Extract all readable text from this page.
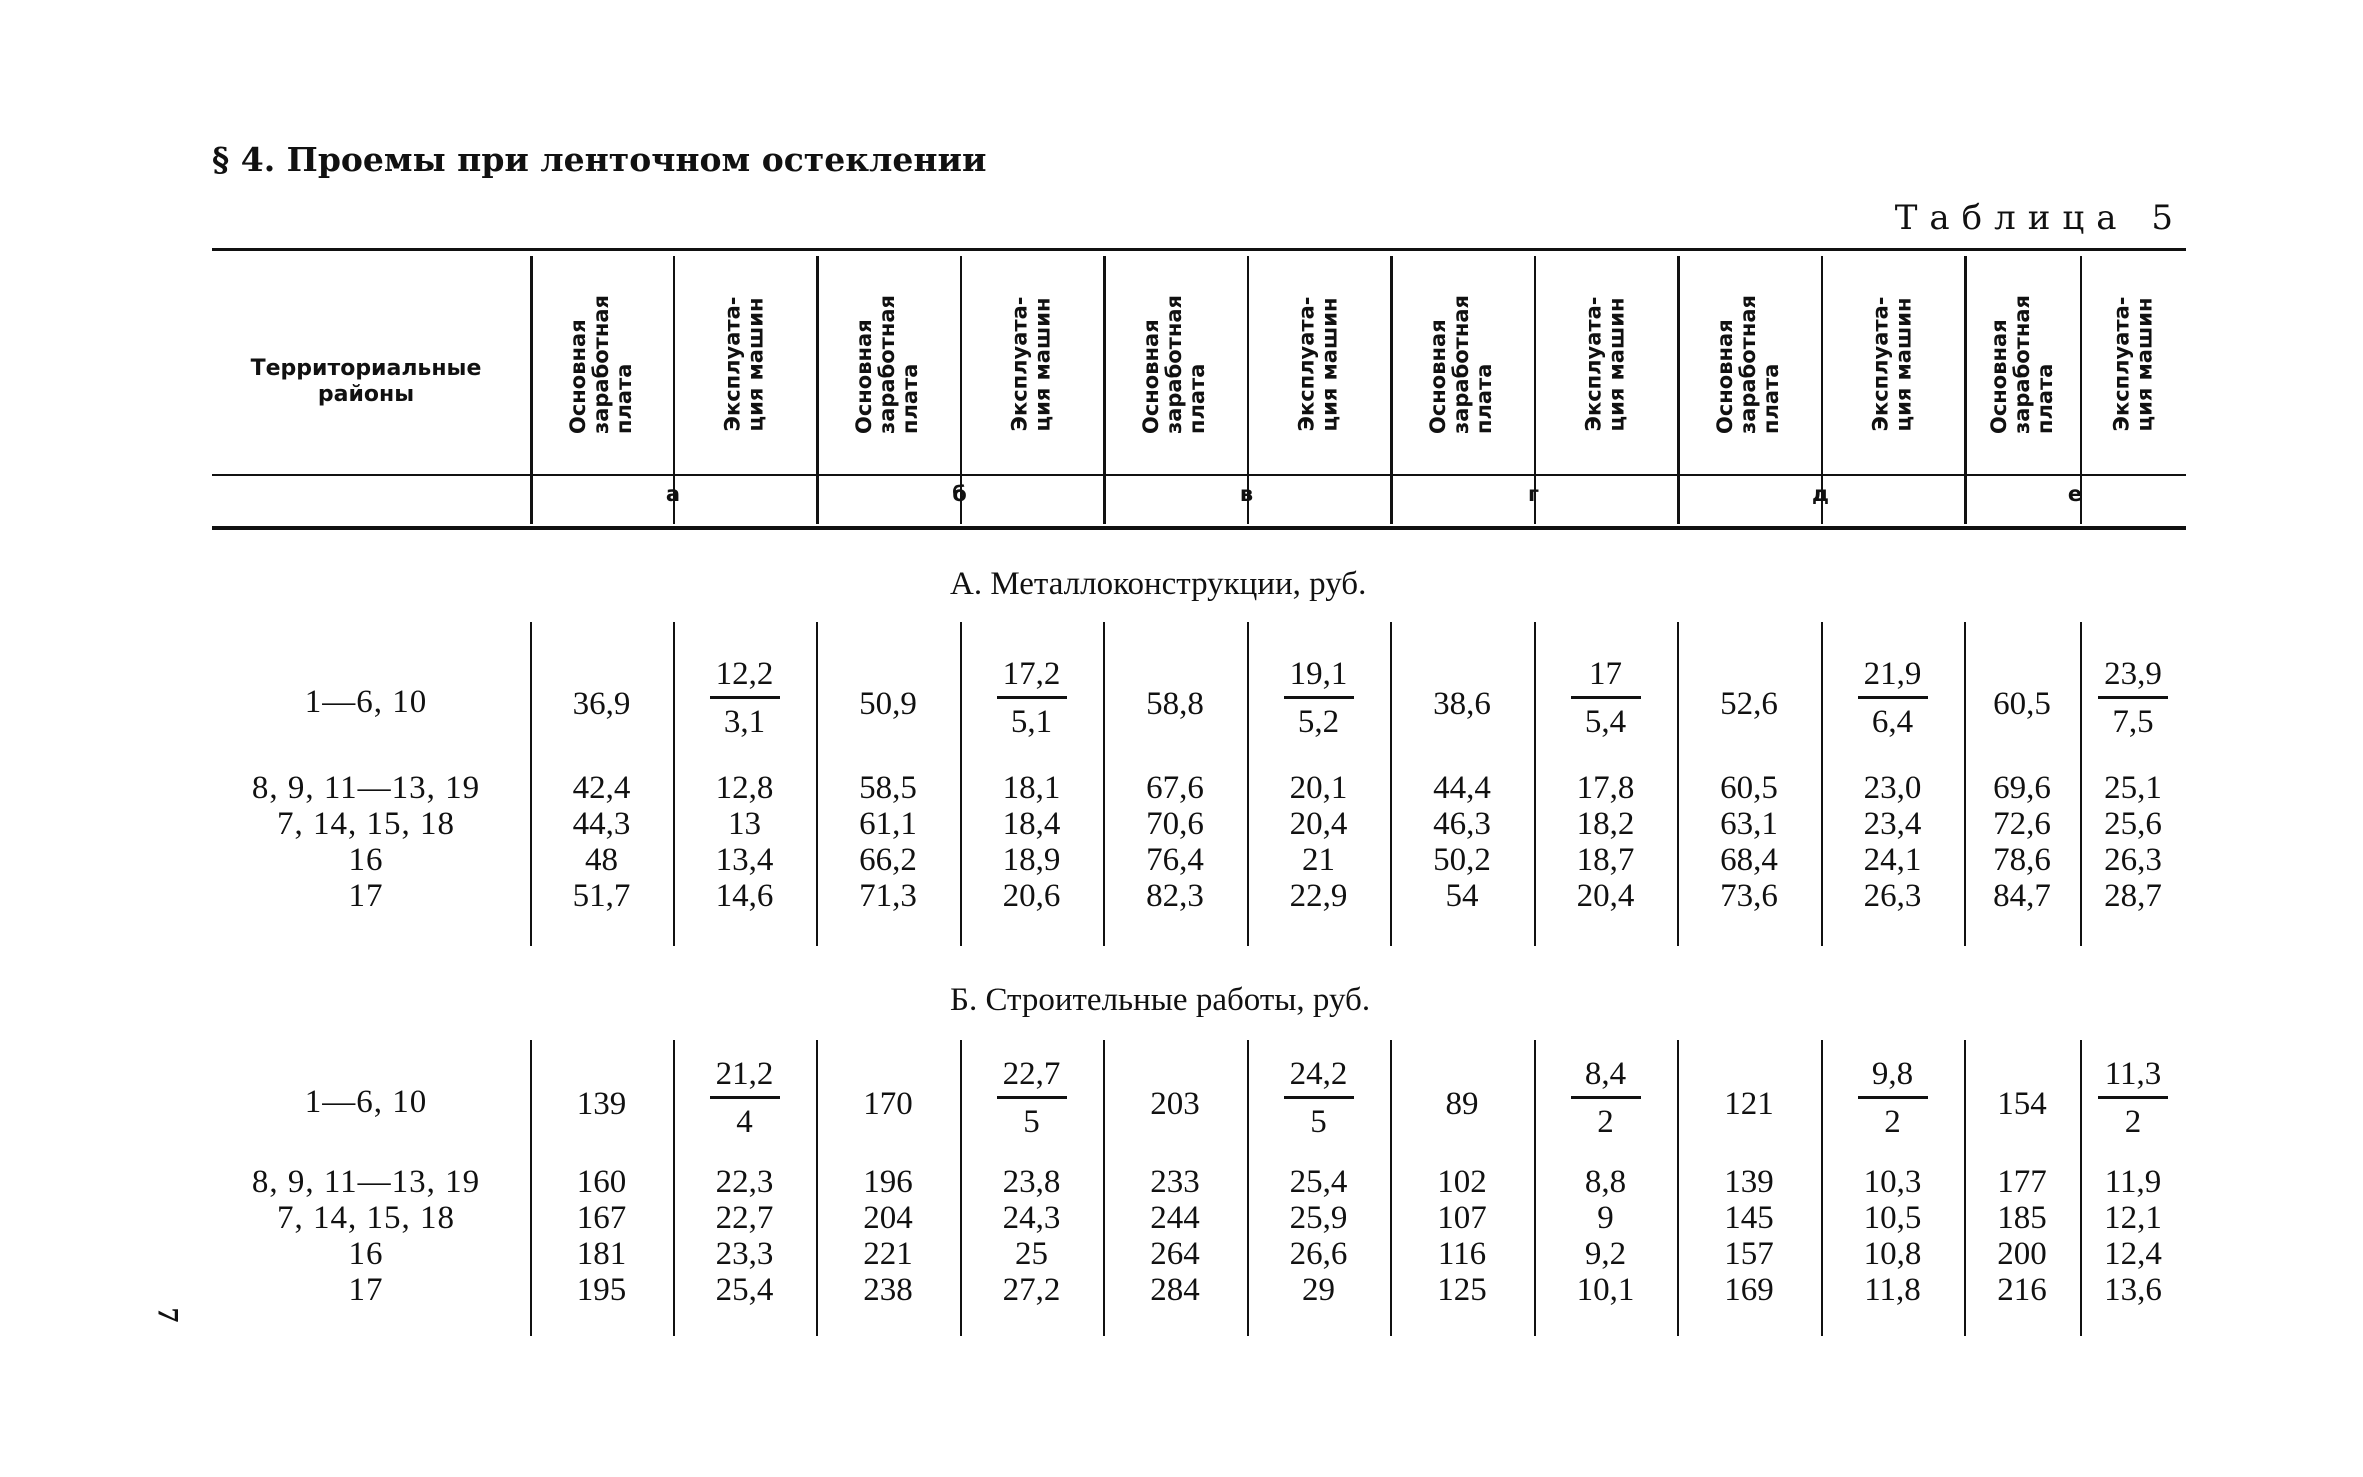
§ 4. Проемы при ленточном остеклении
Таблица 5
Основная
заработная
плата	Эксплуата-
ция машин	Основная
заработная
плата	Эксплуата-
ция машин	Основная
заработная
плата	Эксплуата-
ция машин	Основная
заработная
плата	Эксплуата-
ция машин	Основная
заработная
плата	Эксплуата-
ция машин	Основная
заработная
плата	Эксплуата-
ция машин
Территориальные
районы
а	б	в	г	д	е
А. Металлоконструкции, руб.
1—6, 10	36,9
12,2
3,1	50,9
17,2
5,1	58,8
19,1
5,2	38,6
17
5,4	52,6
21,9
6,4	60,5
23,9
7,5
8, 9, 11—13, 19	42,4	12,8	58,5	18,1	67,6	20,1	44,4	17,8	60,5	23,0	69,6	25,1
7, 14, 15, 18	44,3	13	61,1	18,4	70,6	20,4	46,3	18,2	63,1	23,4	72,6	25,6
16	48	13,4	66,2	18,9	76,4	21	50,2	18,7	68,4	24,1	78,6	26,3
17	51,7	14,6	71,3	20,6	82,3	22,9	54	20,4	73,6	26,3	84,7	28,7
Б. Строительные работы, руб.
1—6, 10	139
21,2
4	170
22,7
5	203
24,2
5	89
8,4
2	121
9,8
2	154
11,3
2
8, 9, 11—13, 19	160	22,3	196	23,8	233	25,4	102	8,8	139	10,3	177	11,9
7, 14, 15, 18	167	22,7	204	24,3	244	25,9	107	9	145	10,5	185	12,1
16	181	23,3	221	25	264	26,6	116	9,2	157	10,8	200	12,4
17	195	25,4	238	27,2	284	29	125	10,1	169	11,8	216	13,6
7
